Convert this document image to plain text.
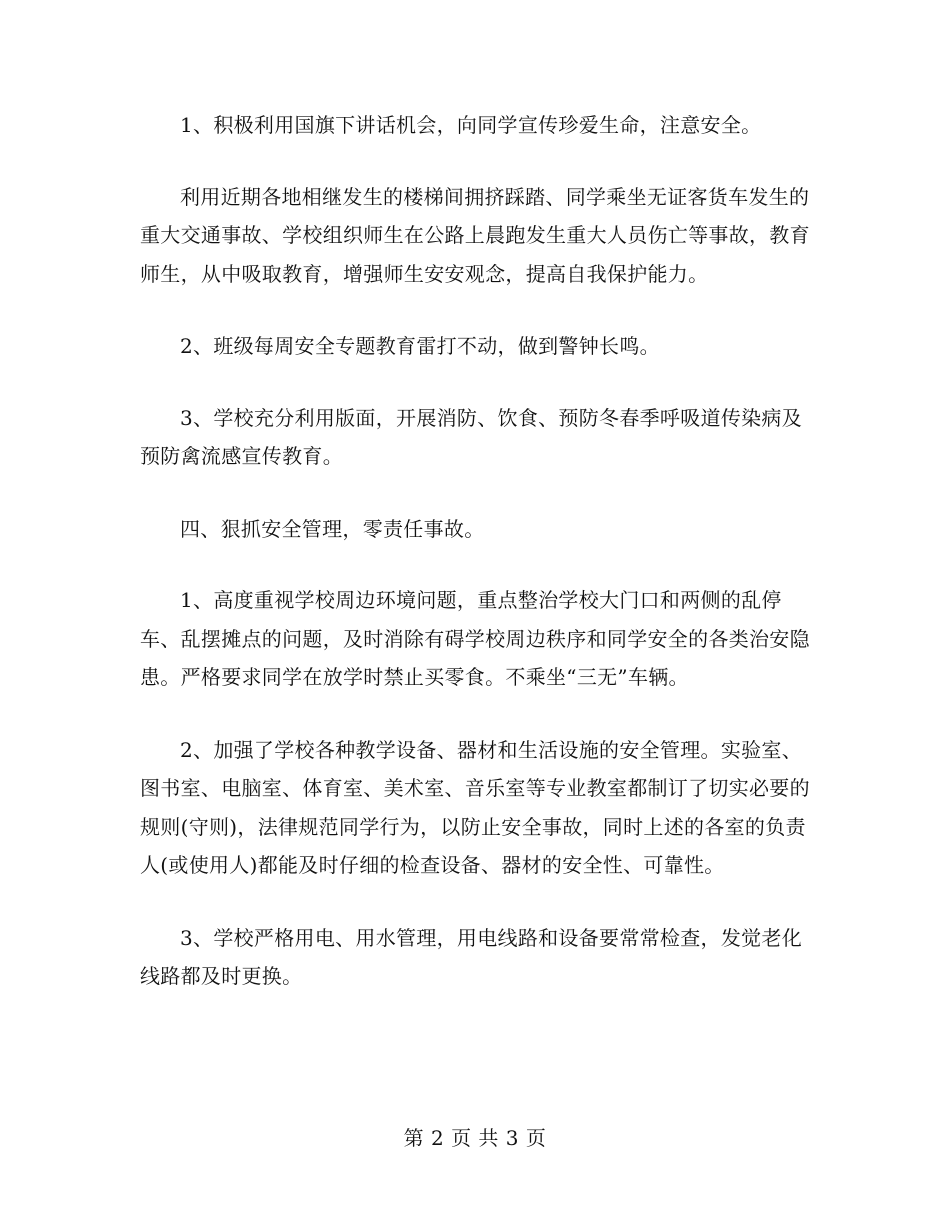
1、积极利用国旗下讲话机会，向同学宣传珍爱生命，注意安全。

利用近期各地相继发生的楼梯间拥挤踩踏、同学乘坐无证客货车发生的重大交通事故、学校组织师生在公路上晨跑发生重大人员伤亡等事故，教育师生，从中吸取教育，增强师生安安观念，提高自我保护能力。

2、班级每周安全专题教育雷打不动，做到警钟长鸣。

3、学校充分利用版面，开展消防、饮食、预防冬春季呼吸道传染病及预防禽流感宣传教育。

四、狠抓安全管理，零责任事故。

1、高度重视学校周边环境问题，重点整治学校大门口和两侧的乱停车、乱摆摊点的问题，及时消除有碍学校周边秩序和同学安全的各类治安隐患。严格要求同学在放学时禁止买零食。不乘坐“三无”车辆。

2、加强了学校各种教学设备、器材和生活设施的安全管理。实验室、图书室、电脑室、体育室、美术室、音乐室等专业教室都制订了切实必要的规则(守则)，法律规范同学行为，以防止安全事故，同时上述的各室的负责人(或使用人)都能及时仔细的检查设备、器材的安全性、可靠性。

3、学校严格用电、用水管理，用电线路和设备要常常检查，发觉老化线路都及时更换。

第 2 页 共 3 页
